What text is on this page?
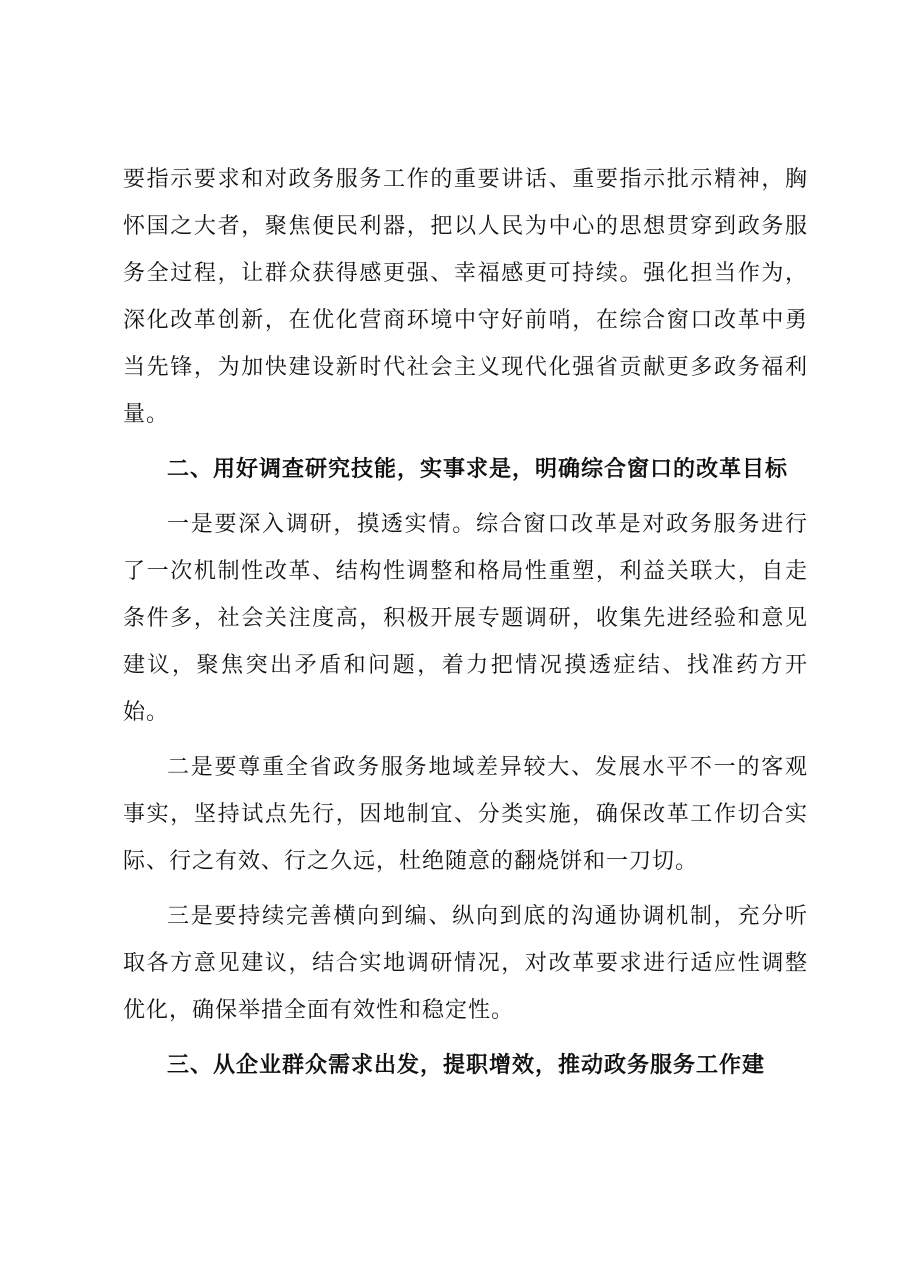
要指示要求和对政务服务工作的重要讲话、重要指示批示精神，胸怀国之大者，聚焦便民利器，把以人民为中心的思想贯穿到政务服务全过程，让群众获得感更强、幸福感更可持续。强化担当作为，深化改革创新，在优化营商环境中守好前哨，在综合窗口改革中勇当先锋，为加快建设新时代社会主义现代化强省贡献更多政务福利量。

二、用好调查研究技能，实事求是，明确综合窗口的改革目标

一是要深入调研，摸透实情。综合窗口改革是对政务服务进行了一次机制性改革、结构性调整和格局性重塑，利益关联大，自走条件多，社会关注度高，积极开展专题调研，收集先进经验和意见建议，聚焦突出矛盾和问题，着力把情况摸透症结、找准药方开始。

二是要尊重全省政务服务地域差异较大、发展水平不一的客观事实，坚持试点先行，因地制宜、分类实施，确保改革工作切合实际、行之有效、行之久远，杜绝随意的翻烧饼和一刀切。

三是要持续完善横向到编、纵向到底的沟通协调机制，充分听取各方意见建议，结合实地调研情况，对改革要求进行适应性调整优化，确保举措全面有效性和稳定性。

三、从企业群众需求出发，提职增效，推动政务服务工作建
